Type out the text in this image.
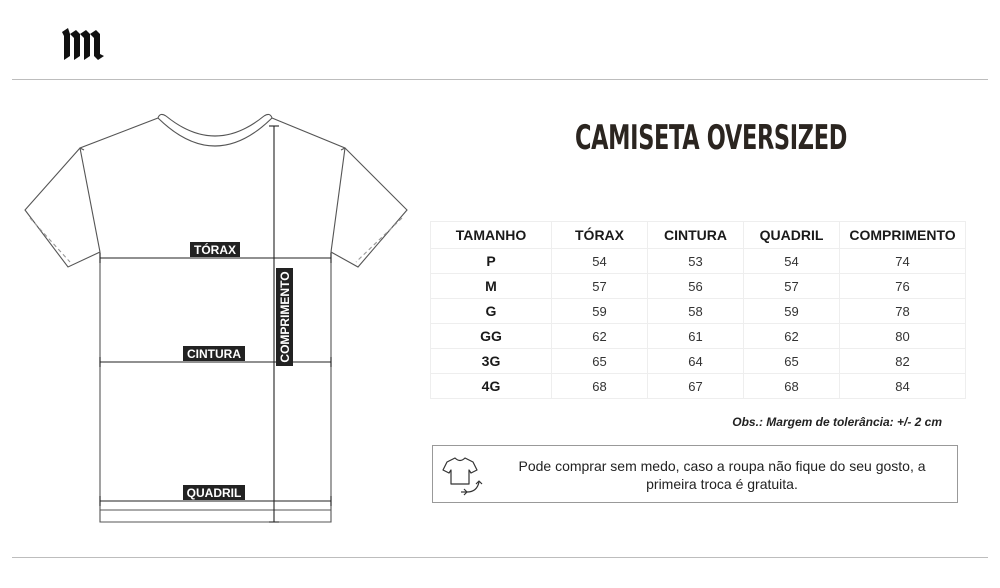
TÓRAX
CINTURA
QUADRIL
COMPRIMENTO
CAMISETA OVERSIZED
TAMANHO	TÓRAX	CINTURA	QUADRIL	COMPRIMENTO
P	54	53	54	74
M	57	56	57	76
G	59	58	59	78
GG	62	61	62	80
3G	65	64	65	82
4G	68	67	68	84
Obs.: Margem de tolerância: +/- 2 cm
Pode comprar sem medo, caso a roupa não fique do seu gosto, a
primeira troca é gratuita.
